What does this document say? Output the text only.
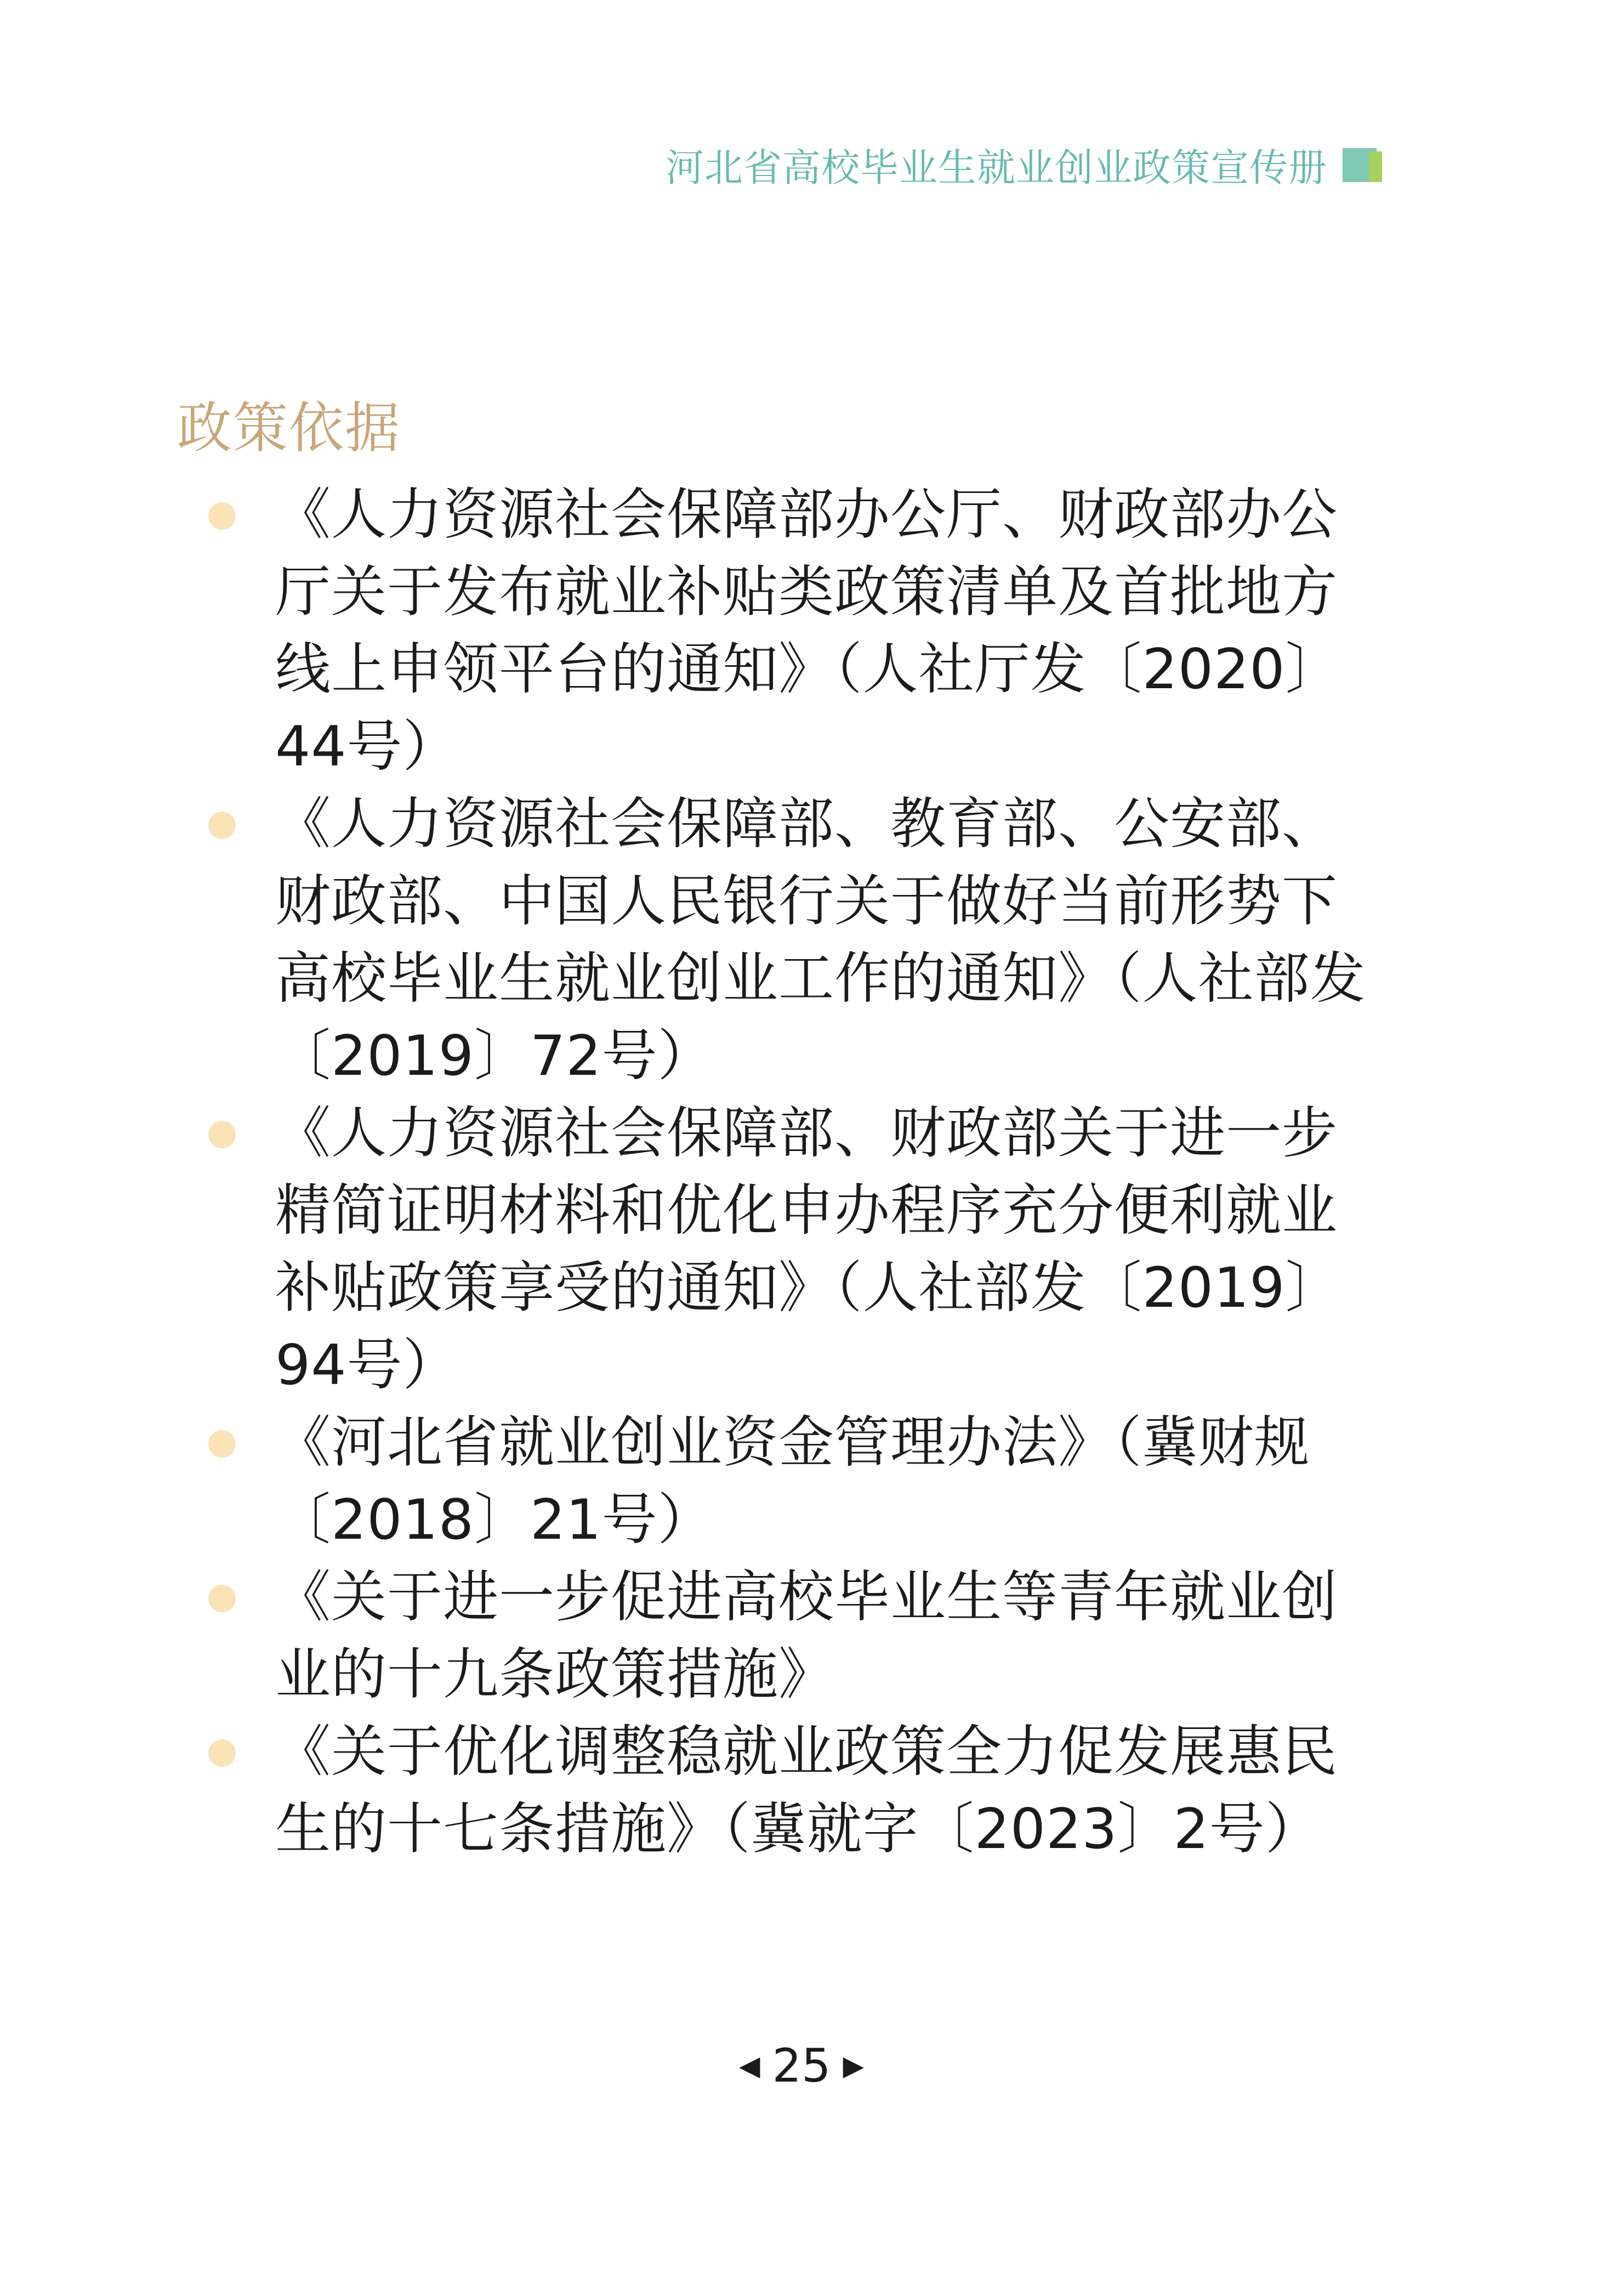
河北省高校毕业生就业创业政策宣传册
政策依据
《人力资源社会保障部办公厅、财政部办公厅关于发布就业补贴类政策清单及首批地方线上申领平台的通知》（人社厅发〔2020〕44号）
《人力资源社会保障部、教育部、公安部、财政部、中国人民银行关于做好当前形势下高校毕业生就业创业工作的通知》（人社部发〔2019〕72号）
《人力资源社会保障部、财政部关于进一步精简证明材料和优化申办程序充分便利就业补贴政策享受的通知》（人社部发〔2019〕94号）
《河北省就业创业资金管理办法》（冀财规〔2018〕21号）
《关于进一步促进高校毕业生等青年就业创业的十九条政策措施》
《关于优化调整稳就业政策全力促发展惠民生的十七条措施》（冀就字〔2023〕2号）
◀ 25 ▶
